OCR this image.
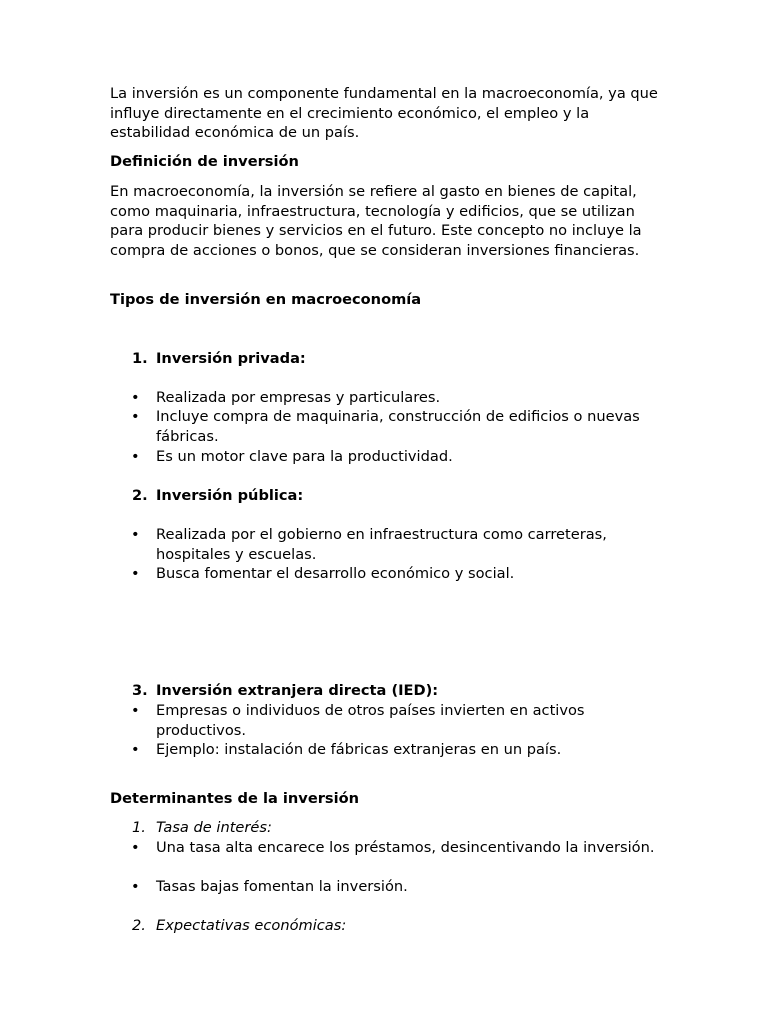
La inversión es un componente fundamental en la macroeconomía, ya que influye directamente en el crecimiento económico, el empleo y la estabilidad económica de un país.

Definición de inversión

En macroeconomía, la inversión se refiere al gasto en bienes de capital, como maquinaria, infraestructura, tecnología y edificios, que se utilizan para producir bienes y servicios en el futuro. Este concepto no incluye la compra de acciones o bonos, que se consideran inversiones financieras.

Tipos de inversión en macroeconomía

1. Inversión privada:
• Realizada por empresas y particulares.
• Incluye compra de maquinaria, construcción de edificios o nuevas fábricas.
• Es un motor clave para la productividad.
2. Inversión pública:
• Realizada por el gobierno en infraestructura como carreteras, hospitales y escuelas.
• Busca fomentar el desarrollo económico y social.
3. Inversión extranjera directa (IED):
• Empresas o individuos de otros países invierten en activos productivos.
• Ejemplo: instalación de fábricas extranjeras en un país.

Determinantes de la inversión

1. Tasa de interés:
• Una tasa alta encarece los préstamos, desincentivando la inversión.
• Tasas bajas fomentan la inversión.
2. Expectativas económicas:
